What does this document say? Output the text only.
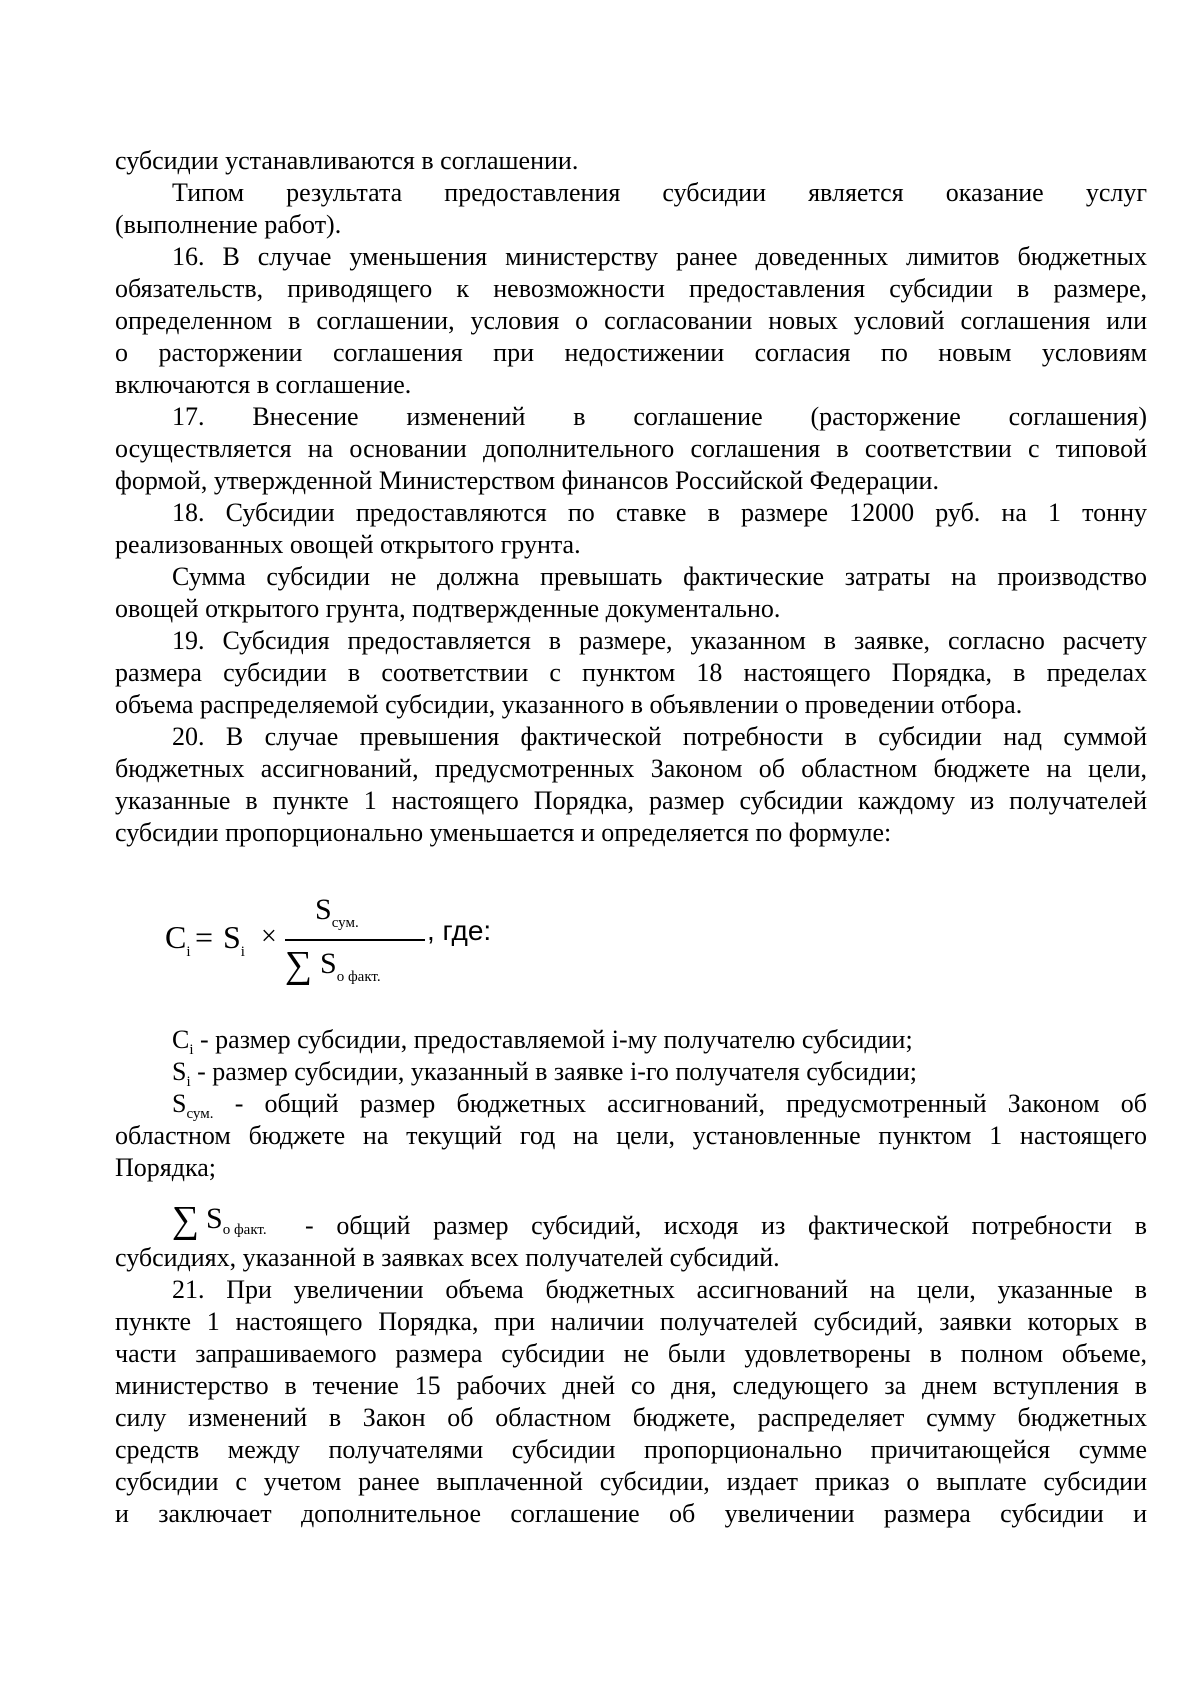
субсидии устанавливаются в соглашении.

Типом результата предоставления субсидии является оказание услуг

(выполнение работ).

16. В случае уменьшения министерству ранее доведенных лимитов бюджетных

обязательств, приводящего к невозможности предоставления субсидии в размере,

определенном в соглашении, условия о согласовании новых условий соглашения или

о расторжении соглашения при недостижении согласия по новым условиям

включаются в соглашение.

17. Внесение изменений в соглашение (расторжение соглашения)

осуществляется на основании дополнительного соглашения в соответствии с типовой

формой, утвержденной Министерством финансов Российской Федерации.

18. Субсидии предоставляются по ставке в размере 12000 руб. на 1 тонну

реализованных овощей открытого грунта.

Сумма субсидии не должна превышать фактические затраты на производство

овощей открытого грунта, подтвержденные документально.

19. Субсидия предоставляется в размере, указанном в заявке, согласно расчету

размера субсидии в соответствии с пунктом 18 настоящего Порядка, в пределах

объема распределяемой субсидии, указанного в объявлении о проведении отбора.

20. В случае превышения фактической потребности в субсидии над суммой

бюджетных ассигнований, предусмотренных Законом об областном бюджете на цели,

указанные в пункте 1 настоящего Порядка, размер субсидии каждому из получателей

субсидии пропорционально уменьшается и определяется по формуле:

$C_i = S_i$ ×
$S_{сум.}$
∑ $S_{o факт.}$
, где:

$C_i$ - размер субсидии, предоставляемой i-му получателю субсидии;

$S_i$ - размер субсидии, указанный в заявке i-го получателя субсидии;

$S_{сум.}$ - общий размер бюджетных ассигнований, предусмотренный Законом об

областном бюджете на текущий год на цели, установленные пунктом 1 настоящего

Порядка;

∑ $S_{o факт.}$ - общий размер субсидий, исходя из фактической потребности в

субсидиях, указанной в заявках всех получателей субсидий.

21. При увеличении объема бюджетных ассигнований на цели, указанные в

пункте 1 настоящего Порядка, при наличии получателей субсидий, заявки которых в

части запрашиваемого размера субсидии не были удовлетворены в полном объеме,

министерство в течение 15 рабочих дней со дня, следующего за днем вступления в

силу изменений в Закон об областном бюджете, распределяет сумму бюджетных

средств между получателями субсидии пропорционально причитающейся сумме

субсидии с учетом ранее выплаченной субсидии, издает приказ о выплате субсидии

и заключает дополнительное соглашение об увеличении размера субсидии и
